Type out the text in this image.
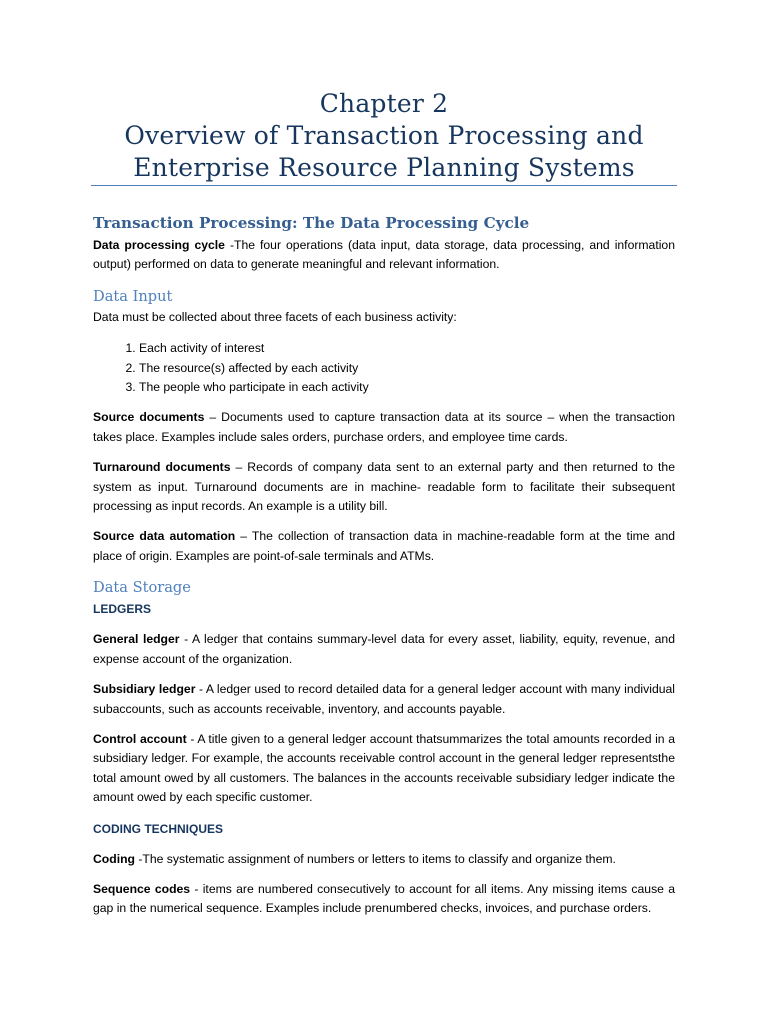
Chapter 2
Overview of Transaction Processing and
Enterprise Resource Planning Systems
Transaction Processing: The Data Processing Cycle

Data processing cycle -The four operations (data input, data storage, data processing, and information output) performed on data to generate meaningful and relevant information.

Data Input

Data must be collected about three facets of each business activity:

1. Each activity of interest
2. The resource(s) affected by each activity
3. The people who participate in each activity

Source documents – Documents used to capture transaction data at its source – when the transaction takes place. Examples include sales orders, purchase orders, and employee time cards.

Turnaround documents – Records of company data sent to an external party and then returned to the system as input. Turnaround documents are in machine- readable form to facilitate their subsequent processing as input records. An example is a utility bill.

Source data automation – The collection of transaction data in machine-readable form at the time and place of origin. Examples are point-of-sale terminals and ATMs.

Data Storage
LEDGERS

General ledger - A ledger that contains summary-level data for every asset, liability, equity, revenue, and expense account of the organization.

Subsidiary ledger - A ledger used to record detailed data for a general ledger account with many individual subaccounts, such as accounts receivable, inventory, and accounts payable.

Control account - A title given to a general ledger account thatsummarizes the total amounts recorded in a subsidiary ledger. For example, the accounts receivable control account in the general ledger representsthe total amount owed by all customers. The balances in the accounts receivable subsidiary ledger indicate the amount owed by each specific customer.

CODING TECHNIQUES

Coding -The systematic assignment of numbers or letters to items to classify and organize them.

Sequence codes - items are numbered consecutively to account for all items. Any missing items cause a gap in the numerical sequence. Examples include prenumbered checks, invoices, and purchase orders.
